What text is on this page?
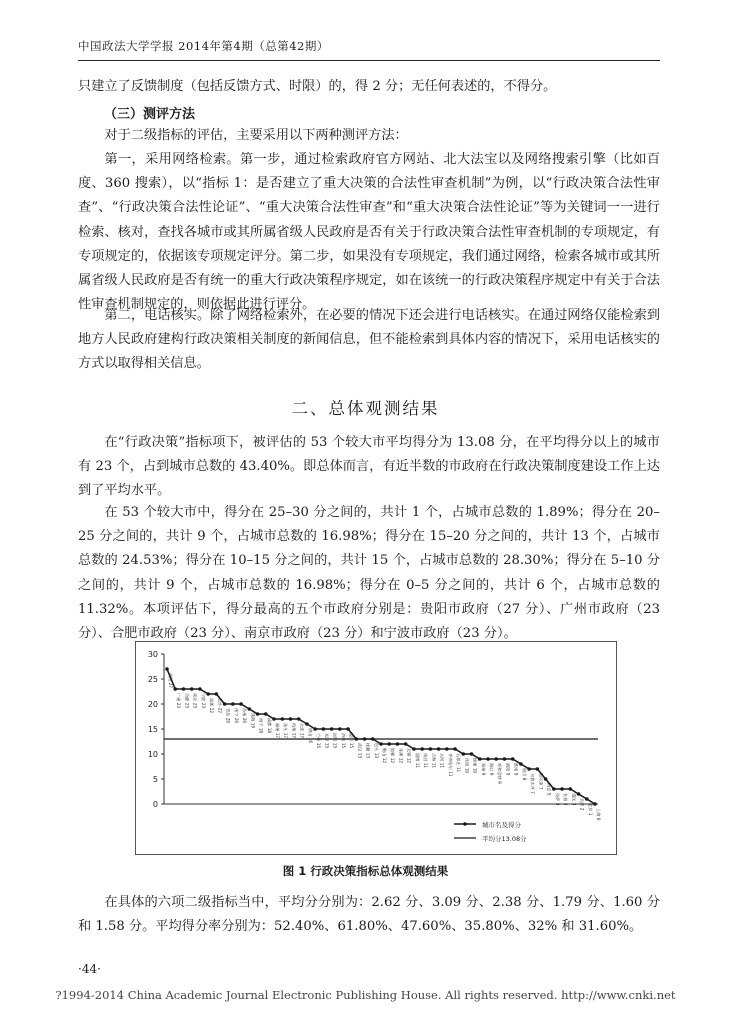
中国政法大学学报 2014年第4期（总第42期）

只建立了反馈制度（包括反馈方式、时限）的，得 2 分；无任何表述的，不得分。

（三）测评方法

对于二级指标的评估，主要采用以下两种测评方法：

第一，采用网络检索。第一步，通过检索政府官方网站、北大法宝以及网络搜索引擎（比如百度、360 搜索），以“指标 1：是否建立了重大决策的合法性审查机制”为例，以“行政决策合法性审查”、“行政决策合法性论证”、“重大决策合法性审查”和“重大决策合法性论证”等为关键词一一进行检索、核对，查找各城市或其所属省级人民政府是否有关于行政决策合法性审查机制的专项规定，有专项规定的，依据该专项规定评分。第二步，如果没有专项规定，我们通过网络，检索各城市或其所属省级人民政府是否有统一的重大行政决策程序规定，如在该统一的行政决策程序规定中有关于合法性审查机制规定的，则依据此进行评分。

第二，电话核实。除了网络检索外，在必要的情况下还会进行电话核实。在通过网络仅能检索到地方人民政府建构行政决策相关制度的新闻信息，但不能检索到具体内容的情况下，采用电话核实的方式以取得相关信息。

二、总体观测结果

在“行政决策”指标项下，被评估的 53 个较大市平均得分为 13.08 分，在平均得分以上的城市有 23 个，占到城市总数的 43.40%。即总体而言，有近半数的市政府在行政决策制度建设工作上达到了平均水平。

在 53 个较大市中，得分在 25–30 分之间的，共计 1 个，占城市总数的 1.89%；得分在 20–25 分之间的，共计 9 个，占城市总数的 16.98%；得分在 15–20 分之间的，共计 13 个，占城市总数的 24.53%；得分在 10–15 分之间的，共计 15 个，占城市总数的 28.30%；得分在 5–10 分之间的，共计 9 个，占城市总数的 16.98%；得分在 0–5 分之间的，共计 6 个，占城市总数的 11.32%。本项评估下，得分最高的五个市政府分别是：贵阳市政府（27 分）、广州市政府（23 分）、合肥市政府（23 分）、南京市政府（23 分）和宁波市政府（23 分）。

0
5
10
15
20
25
30
贵阳 27
广州 23 合肥 23 南京 23 宁波 23 深圳 22 长沙 22
青岛 20 南宁 20 苏州 20 珠海 19 西宁 18 成都 18 福州 17 汕头 17 杭州 17 大连 17 唐山 16 兰州 15 太原 15 昆明 15 济南 15 厦门 15
武汉 13 抚顺 13 包头 13 鞍山 12 邯郸 12 本溪 12 无锡 12 淄博 11 南昌 11 吉林 11 大同 11 齐齐哈尔 11 石家庄 11 沈阳 10 徐州 10 郑州 9 海口 9 呼和浩特 9 洛阳 9 淮南 9 银川 8 乌鲁木齐 7 哈尔滨 7 西安 5
拉萨 3 长春 3 重庆 3 天津 2 北京 1 上海 0
城市名及得分
平均分13.08分
图 1 行政决策指标总体观测结果

在具体的六项二级指标当中，平均分分别为：2.62 分、3.09 分、2.38 分、1.79 分、1.60 分和 1.58 分。平均得分率分别为：52.40%、61.80%、47.60%、35.80%、32% 和 31.60%。

·44·
?1994-2014 China Academic Journal Electronic Publishing House. All rights reserved. http://www.cnki.net
